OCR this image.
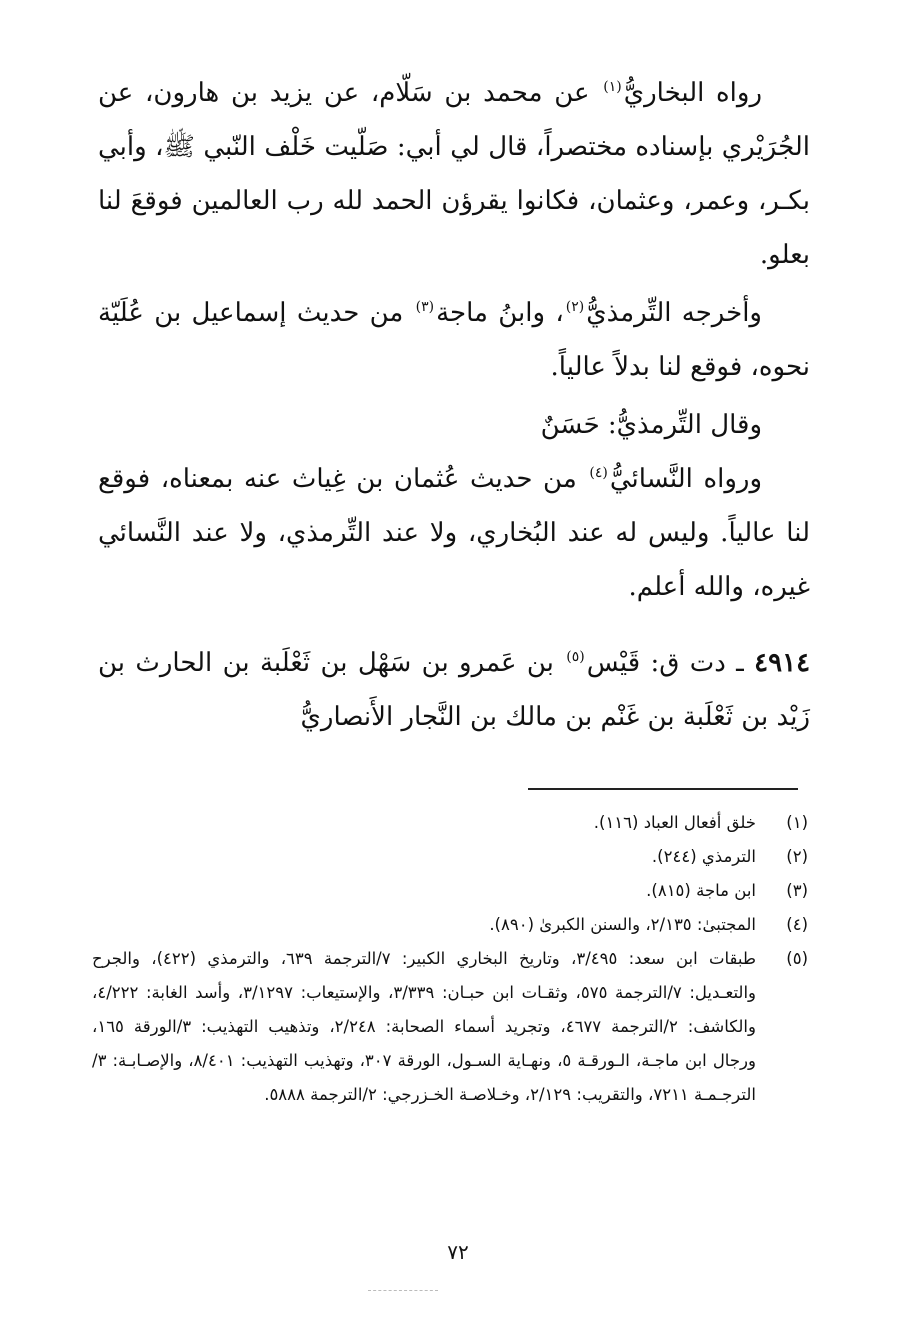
رواه البخاريُّ$^{(١)}$ عن محمد بن سَلّام، عن يزيد بن هارون، عن الجُرَيْري بإسناده مختصراً، قال لي أبي: صَلّيت خَلْف النّبي ﷺ، وأبي بكـر، وعمر، وعثمان، فكانوا يقرؤن الحمد لله رب العالمين فوقعَ لنا بعلو.

وأخرجه التِّرمذيُّ$^{(٢)}$، وابنُ ماجة$^{(٣)}$ من حديث إسماعيل بن عُلَيّة نحوه، فوقع لنا بدلاً عالياً.

وقال التِّرمذيُّ: حَسَنٌ

ورواه النَّسائيُّ$^{(٤)}$ من حديث عُثمان بن غِياث عنه بمعناه، فوقع لنا عالياً. وليس له عند البُخاري، ولا عند التِّرمذي، ولا عند النَّسائي غيره، والله أعلم.

٤٩١٤ ـ دت ق: قَيْس$^{(٥)}$ بن عَمرو بن سَهْل بن ثَعْلَبة بن الحارث بن زَيْد بن ثَعْلَبة بن غَنْم بن مالك بن النَّجار الأَنصاريُّ

(١)
خلق أفعال العباد (١١٦).
(٢)
الترمذي (٢٤٤).
(٣)
ابن ماجة (٨١٥).
(٤)
المجتبىٰ: ٢/١٣٥، والسنن الكبرىٰ (٨٩٠).
(٥)
طبقات ابن سعد: ٣/٤٩٥، وتاريخ البخاري الكبير: ٧/الترجمة ٦٣٩، والترمذي (٤٢٢)، والجرح والتعـديل: ٧/الترجمة ٥٧٥، وثقـات ابن حبـان: ٣/٣٣٩، والإستيعاب: ٣/١٢٩٧، وأسد الغابة: ٤/٢٢٢، والكاشف: ٢/الترجمة ٤٦٧٧، وتجريد أسماء الصحابة: ٢/٢٤٨، وتذهيب التهذيب: ٣/الورقة ١٦٥، ورجال ابن ماجـة، الـورقـة ٥، ونهـاية السـول، الورقة ٣٠٧، وتهذيب التهذيب: ٨/٤٠١، والإصـابـة: ٣/الترجـمـة ٧٢١١، والتقريب: ٢/١٢٩، وخـلاصـة الخـزرجي: ٢/الترجمة ٥٨٨٨.
٧٢
